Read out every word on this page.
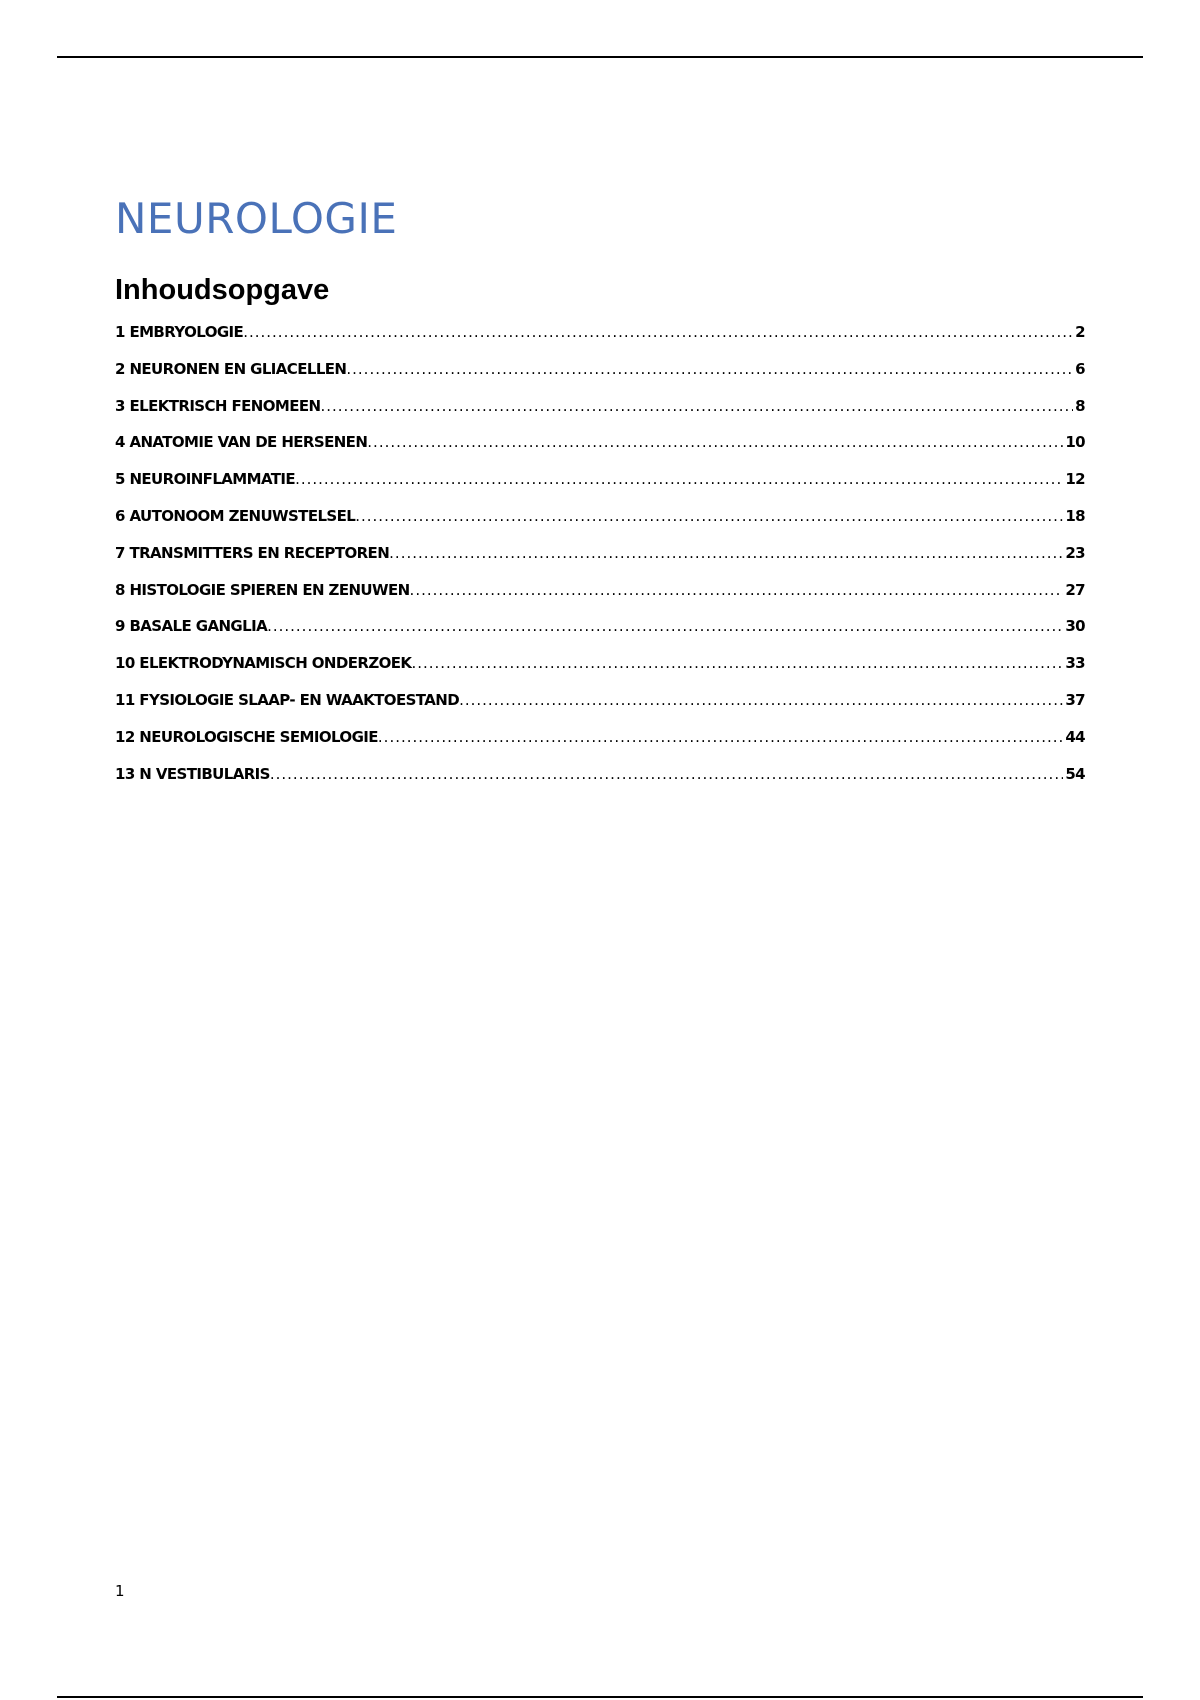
NEUROLOGIE
Inhoudsopgave
1 EMBRYOLOGIE .....	2
2 NEURONEN EN GLIACELLEN .....	6
3 ELEKTRISCH FENOMEEN .....	8
4 ANATOMIE VAN DE HERSENEN .....	10
5 NEUROINFLAMMATIE .....	12
6 AUTONOOM ZENUWSTELSEL .....	18
7 TRANSMITTERS EN RECEPTOREN .....	23
8 HISTOLOGIE SPIEREN EN ZENUWEN .....	27
9 BASALE GANGLIA .....	30
10 ELEKTRODYNAMISCH ONDERZOEK .....	33
11 FYSIOLOGIE SLAAP- EN WAAKTOESTAND .....	37
12 NEUROLOGISCHE SEMIOLOGIE .....	44
13 N VESTIBULARIS .....	54
1
